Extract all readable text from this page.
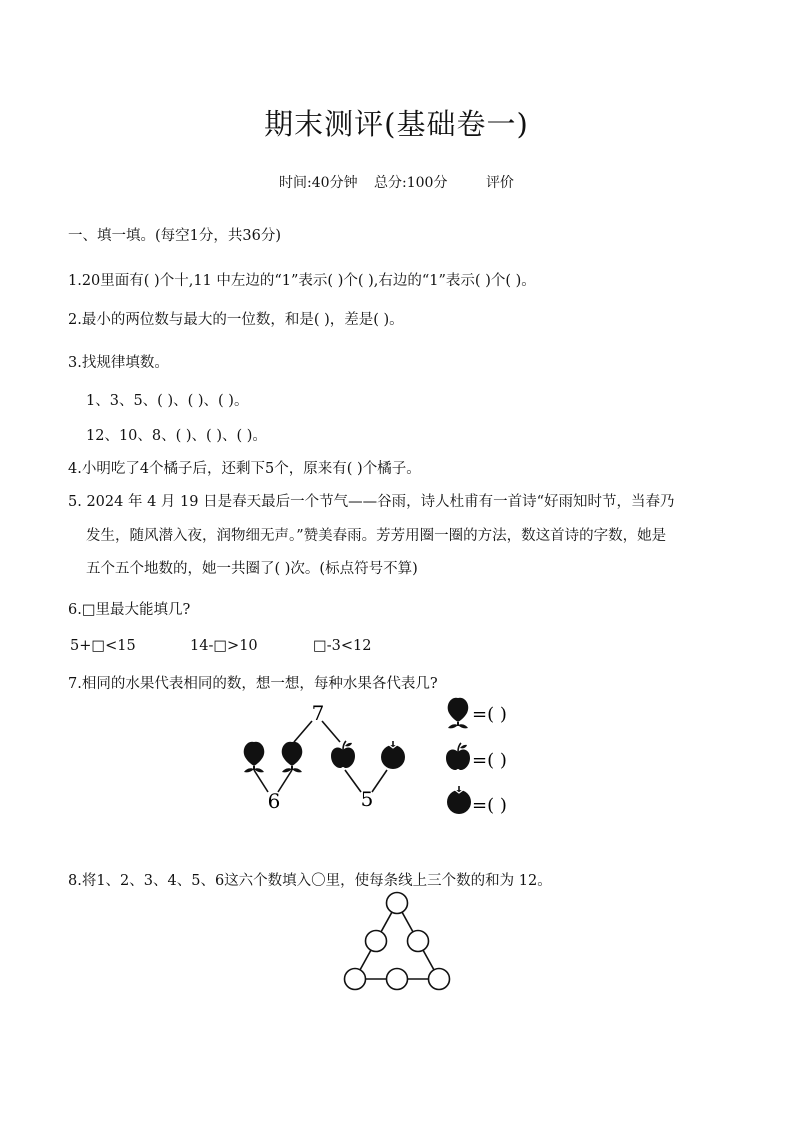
期末测评(基础卷一)
时间:40分钟 总分:100分	评价
一、填一填。(每空1分，共36分)
1.20里面有( )个十,11 中左边的“1”表示( )个( ),右边的“1”表示( )个( )。
2.最小的两位数与最大的一位数，和是( )，差是( )。
3.找规律填数。
1、3、5、( )、( )、( )。
12、10、8、( )、( )、( )。
4.小明吃了4个橘子后，还剩下5个，原来有( )个橘子。
5. 2024 年 4 月 19 日是春天最后一个节气——谷雨，诗人杜甫有一首诗“好雨知时节，当春乃
发生，随风潜入夜，润物细无声。”赞美春雨。芳芳用圈一圈的方法，数这首诗的字数，她是
五个五个地数的，她一共圈了( )次。(标点符号不算)
6.□里最大能填几?
5+□<15	14-□>10	□-3<12
7.相同的水果代表相同的数，想一想，每种水果各代表几?
7
6	5
=( )
=( )
=( )
8.将1、2、3、4、5、6这六个数填入〇里，使每条线上三个数的和为 12。
